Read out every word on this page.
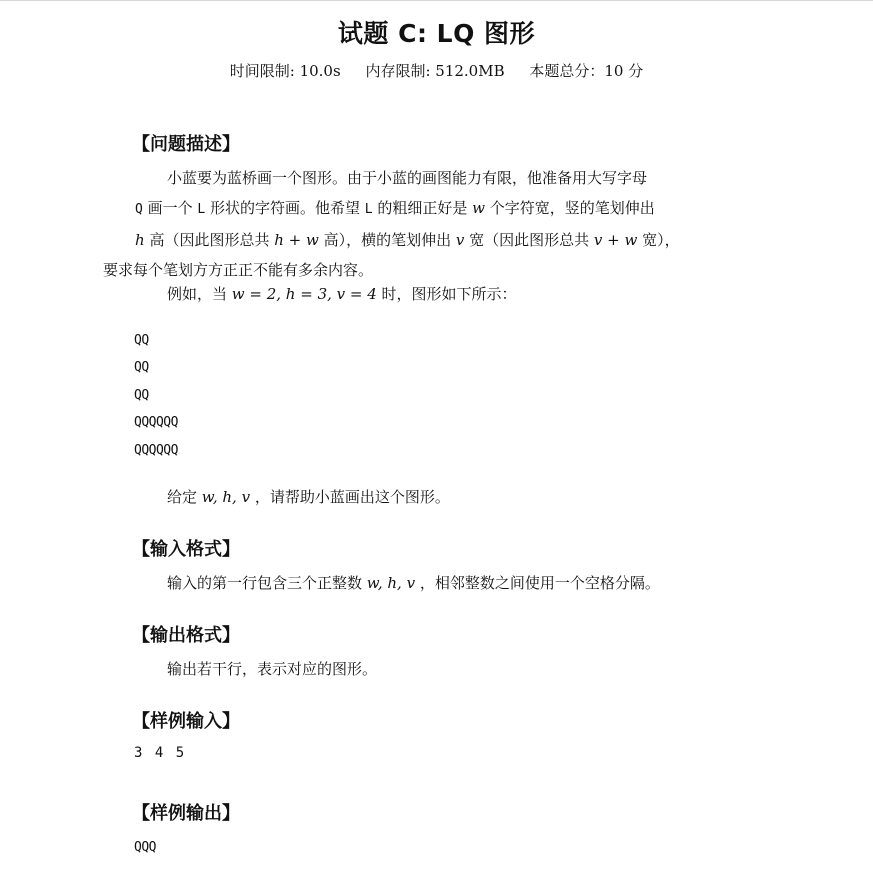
试题 C: LQ 图形
时间限制: 10.0s 内存限制: 512.0MB 本题总分：10 分
【问题描述】
小蓝要为蓝桥画一个图形。由于小蓝的画图能力有限，他准备用大写字母
Q 画一个 L 形状的字符画。他希望 L 的粗细正好是 w 个字符宽，竖的笔划伸出
h 高（因此图形总共 h + w 高），横的笔划伸出 v 宽（因此图形总共 v + w 宽），
要求每个笔划方方正正不能有多余内容。
例如，当 w = 2, h = 3, v = 4 时，图形如下所示：
QQ
QQ
QQ
QQQQQQ
QQQQQQ
给定 w, h, v ，请帮助小蓝画出这个图形。
【输入格式】
输入的第一行包含三个正整数 w, h, v ，相邻整数之间使用一个空格分隔。
【输出格式】
输出若干行，表示对应的图形。
【样例输入】
3 4 5
【样例输出】
QQQ
